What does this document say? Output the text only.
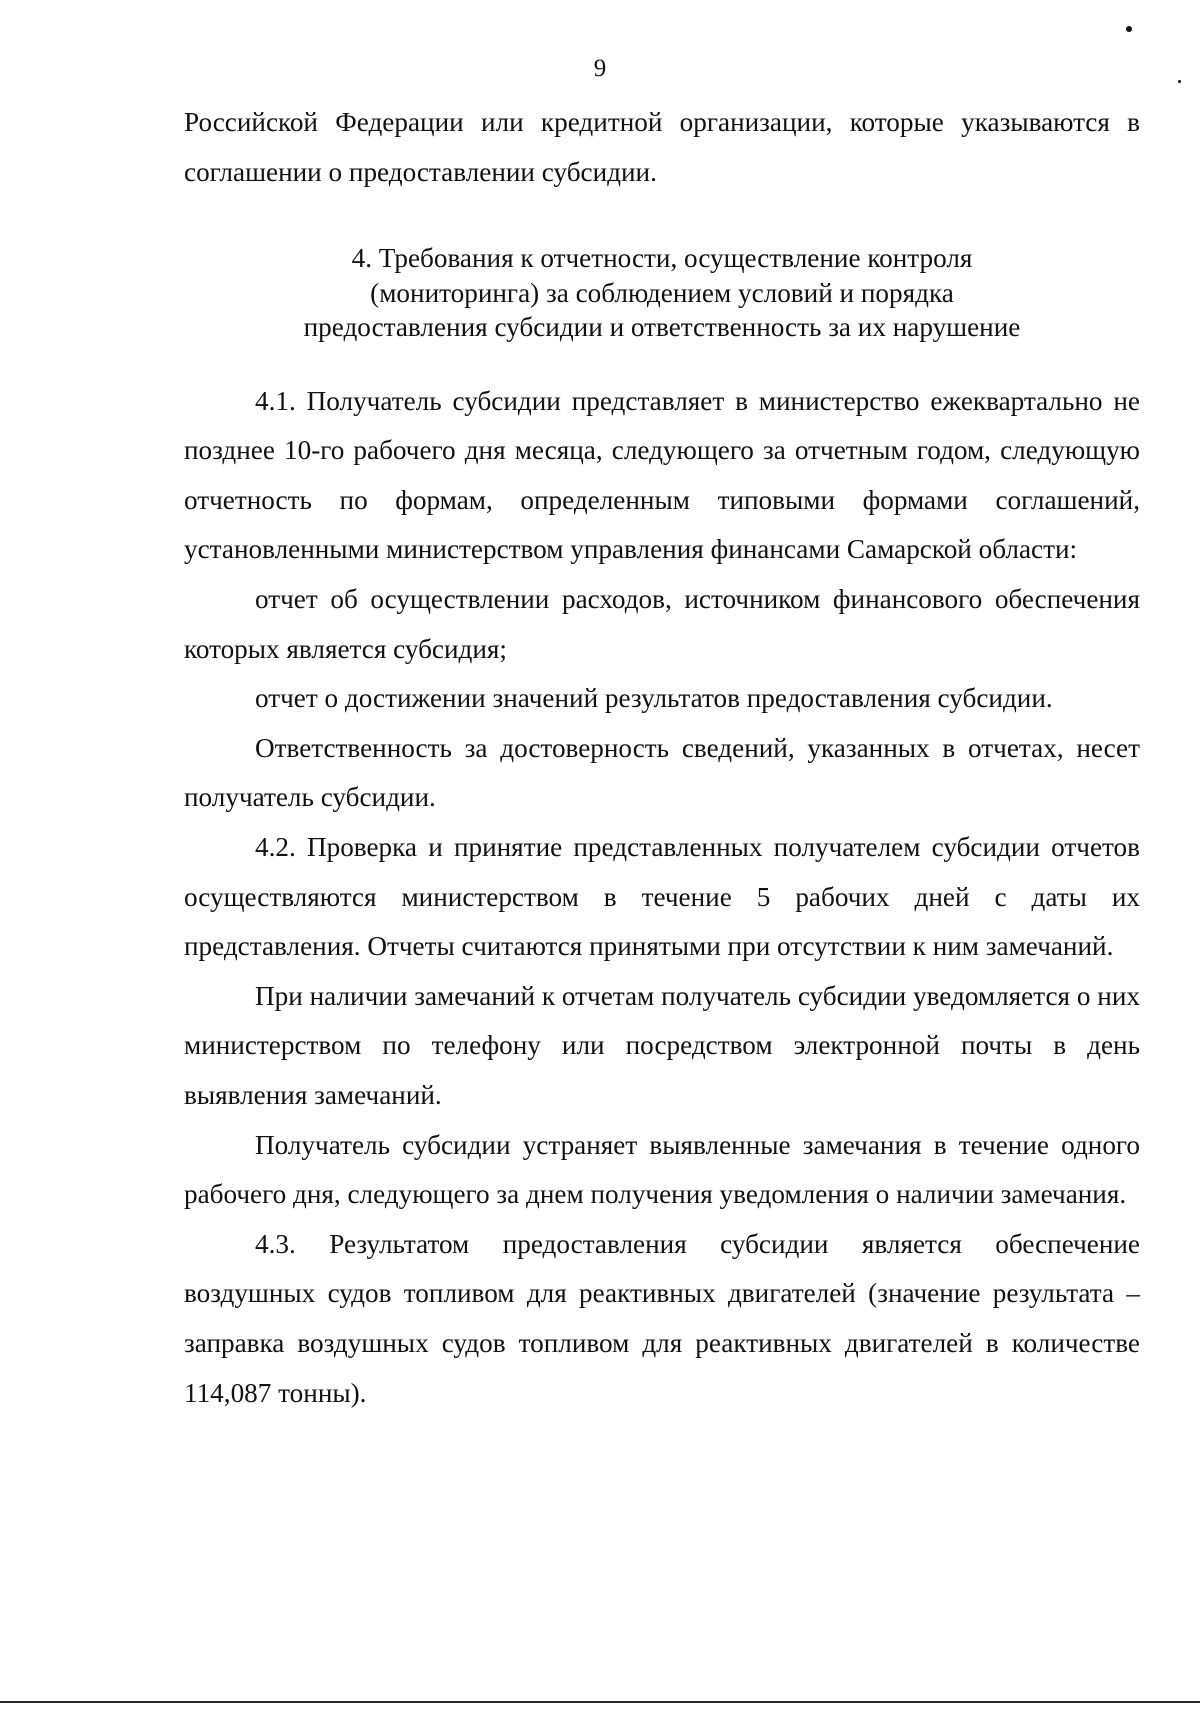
9

Российской Федерации или кредитной организации, которые указываются в соглашении о предоставлении субсидии.

4. Требования к отчетности, осуществление контроля
(мониторинга) за соблюдением условий и порядка
предоставления субсидии и ответственность за их нарушение

4.1. Получатель субсидии представляет в министерство ежеквартально не позднее 10-го рабочего дня месяца, следующего за отчетным годом, следующую отчетность по формам, определенным типовыми формами соглашений, установленными министерством управления финансами Самарской области:

отчет об осуществлении расходов, источником финансового обеспечения которых является субсидия;

отчет о достижении значений результатов предоставления субсидии.

Ответственность за достоверность сведений, указанных в отчетах, несет получатель субсидии.

4.2. Проверка и принятие представленных получателем субсидии отчетов осуществляются министерством в течение 5 рабочих дней с даты их представления. Отчеты считаются принятыми при отсутствии к ним замечаний.

При наличии замечаний к отчетам получатель субсидии уведомляется о них министерством по телефону или посредством электронной почты в день выявления замечаний.

Получатель субсидии устраняет выявленные замечания в течение одного рабочего дня, следующего за днем получения уведомления о наличии замечания.

4.3. Результатом предоставления субсидии является обеспечение воздушных судов топливом для реактивных двигателей (значение результата – заправка воздушных судов топливом для реактивных двигателей в количестве 114,087 тонны).
